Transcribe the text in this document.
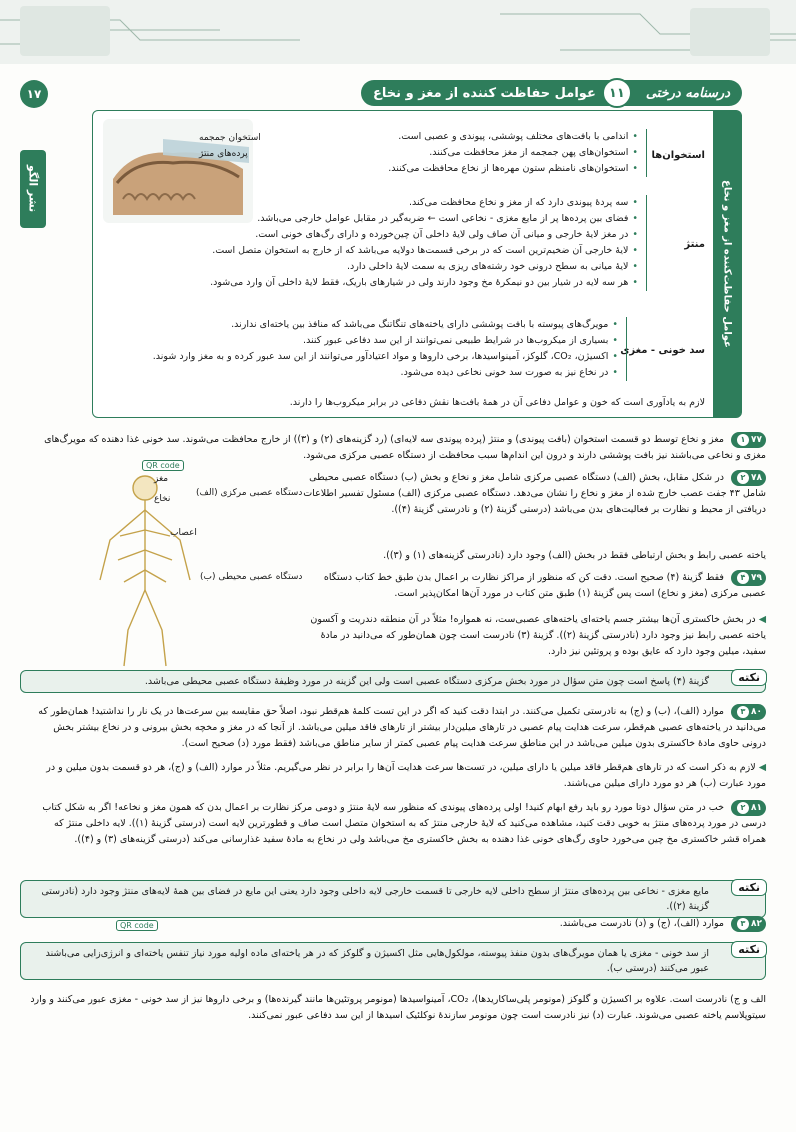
۱۷
نشر الگو
درسنامه درختی
۱۱
عوامل حفاظت کننده از مغز و نخاع
عوامل حفاظت‌کننده از مغز و نخاع
استخوان جمجمه
پرده‌های منتژ	استخوان‌ها
• اندامی با بافت‌های مختلف پوششی، پیوندی و عصبی است.
• استخوان‌های پهن جمجمه از مغز محافظت می‌کنند.
• استخوان‌های نامنظم ستون مهره‌ها از نخاع محافظت می‌کنند.
منتژ
• سه پردهٔ پیوندی دارد که از مغز و نخاع محافظت می‌کند.
• فضای بین پرده‌ها پر از مایع مغزی - نخاعی است ← ضربه‌گیر در مقابل عوامل خارجی می‌باشد.
• در مغز لایهٔ خارجی و میانی آن صاف ولی لایهٔ داخلی آن چین‌خورده و دارای رگ‌های خونی است.
• لایهٔ خارجی آن ضخیم‌ترین است که در برخی قسمت‌ها دولایه می‌باشد که از خارج به استخوان متصل است.
• لایهٔ میانی به سطح درونی خود رشته‌های ریزی به سمت لایهٔ داخلی دارد.
• هر سه لایه در شیار بین دو نیمکرهٔ مخ وجود دارند ولی در شیارهای باریک، فقط لایهٔ داخلی آن وارد می‌شود.
سد خونی - مغزی
• مویرگ‌های پیوسته با بافت پوششی دارای یاخته‌های تنگاتنگ می‌باشد که منافذ بین یاخته‌ای ندارند.
• بسیاری از میکروب‌ها در شرایط طبیعی نمی‌توانند از این سد دفاعی عبور کنند.
• اکسیژن، CO₂، گلوکز، آمینواسیدها، برخی داروها و مواد اعتیادآور می‌توانند از این سد عبور کرده و به مغز وارد شوند.
• در نخاع نیز به صورت سد خونی نخاعی دیده می‌شود.
لازم به یادآوری است که خون و عوامل دفاعی آن در همهٔ بافت‌ها نقش دفاعی در برابر میکروب‌ها را دارند.
۷۷
۱
مغز و نخاع توسط دو قسمت استخوان (بافت پیوندی) و منتژ (پرده پیوندی سه لایه‌ای) (رد گزینه‌های (۲) و (۳)) از خارج محافظت می‌شوند. سد خونی غذا دهنده که مویرگ‌های مغزی و نخاعی می‌باشند نیز بافت پوششی دارند و درون این اندام‌ها سبب محافظت از دستگاه عصبی مرکزی می‌شود.
QR code
مغز
نخاع
اعصاب
دستگاه عصبی مرکزی (الف)
دستگاه عصبی محیطی (ب)
۷۸
۲
در شکل مقابل، بخش (الف) دستگاه عصبی مرکزی شامل مغز و نخاع و بخش (ب) دستگاه عصبی محیطی شامل ۴۳ جفت عصب خارج شده از مغز و نخاع را نشان می‌دهد. دستگاه عصبی مرکزی (الف) مسئول تفسیر اطلاعات دریافتی از محیط و نظارت بر فعالیت‌های بدن می‌باشد (درستی گزینهٔ (۲) و نادرستی گزینهٔ (۴)).
یاخته عصبی رابط و بخش ارتباطی فقط در بخش (الف) وجود دارد (نادرستی گزینه‌های (۱) و (۳)).
۷۹
۴
فقط گزینهٔ (۴) صحیح است. دقت کن که منظور از مراکز نظارت بر اعمال بدن طبق خط کتاب دستگاه عصبی مرکزی (مغز و نخاع) است پس گزینهٔ (۱) طبق متن کتاب در مورد آن‌ها امکان‌پذیر است.
◀ در بخش خاکستری آن‌ها بیشتر جسم یاخته‌ای یاخته‌های عصبی‌ست، نه همواره! مثلاً در آن منطقه دندریت و آکسون یاخته عصبی رابط نیز وجود دارد (نادرستی گزینهٔ (۲)). گزینهٔ (۳) نادرست است چون همان‌طور که می‌دانید در مادهٔ سفید، میلین وجود دارد که عایق بوده و پروتئین نیز دارد.
نکته
گزینهٔ (۴) پاسخ است چون متن سؤال در مورد بخش مرکزی دستگاه عصبی است ولی این گزینه در مورد وظیفهٔ دستگاه عصبی محیطی می‌باشد.
۸۰
۳
موارد (الف)، (ب) و (ج) به نادرستی تکمیل می‌کنند. در ابتدا دقت کنید که اگر در این تست کلمهٔ هم‌قطر نبود، اصلاً حق مقایسه بین سرعت‌ها در یک نار را نداشتید! همان‌طور که می‌دانید در یاخته‌های عصبی هم‌قطر، سرعت هدایت پیام عصبی در تارهای میلین‌دار بیشتر از تارهای فاقد میلین می‌باشد. از آنجا که در مغز و مخچه بخش بیرونی و در نخاع بیشتر بخش درونی حاوی مادهٔ خاکستری بدون میلین می‌باشد در این مناطق سرعت هدایت پیام عصبی کمتر از سایر مناطق می‌باشد (فقط مورد (د) صحیح است).
◀ لازم به ذکر است که در تارهای هم‌قطر فاقد میلین یا دارای میلین، در تست‌ها سرعت هدایت آن‌ها را برابر در نظر می‌گیریم. مثلاً در موارد (الف) و (ج)، هر دو قسمت بدون میلین و در مورد عبارت (ب) هر دو مورد دارای میلین می‌باشند.
۸۱
۲
خب در متن سؤال دوتا مورد رو باید رفع ابهام کنید! اولی پرده‌های پیوندی که منظور سه لایهٔ منتژ و دومی مرکز نظارت بر اعمال بدن که همون مغز و نخاعه! اگر به شکل کتاب درسی در مورد پرده‌های منتژ به خوبی دقت کنید، مشاهده می‌کنید که لایهٔ خارجی منتژ که به استخوان متصل است صاف و قطورترین لایه است (درستی گزینهٔ (۱)). لایه داخلی منتژ که همراه قشر خاکستری مخ چین می‌خورد حاوی رگ‌های خونی غذا دهنده به بخش خاکستری مخ می‌باشد ولی در نخاع به مادهٔ سفید غذارسانی می‌کند (درستی گزینه‌های (۳) و (۴)).
نکته
مایع مغزی - نخاعی بین پرده‌های منتژ از سطح داخلی لایه خارجی تا قسمت خارجی لایه داخلی وجود دارد یعنی این مایع در فضای بین همهٔ لایه‌های منتژ وجود دارد (نادرستی گزینهٔ (۲)).
۸۲
۳
موارد (الف)، (ج) و (د) نادرست می‌باشند.
QR code
نکته
از سد خونی - مغزی یا همان مویرگ‌های بدون منفذ پیوسته، مولکول‌هایی مثل اکسیژن و گلوکز که در هر یاخته‌ای ماده اولیه مورد نیاز تنفس یاخته‌ای و انرژی‌زایی می‌باشند عبور می‌کنند (درستی ب).
الف و ج) نادرست است. علاوه بر اکسیژن و گلوکز (مونومر پلی‌ساکاریدها)، CO₂، آمینواسیدها (مونومر پروتئین‌ها مانند گیرنده‌ها) و برخی داروها نیز از سد خونی - مغزی عبور می‌کنند و وارد سیتوپلاسم یاخته عصبی می‌شوند. عبارت (د) نیز نادرست است چون مونومر سازندهٔ نوکلئیک اسیدها از این سد دفاعی عبور نمی‌کنند.
